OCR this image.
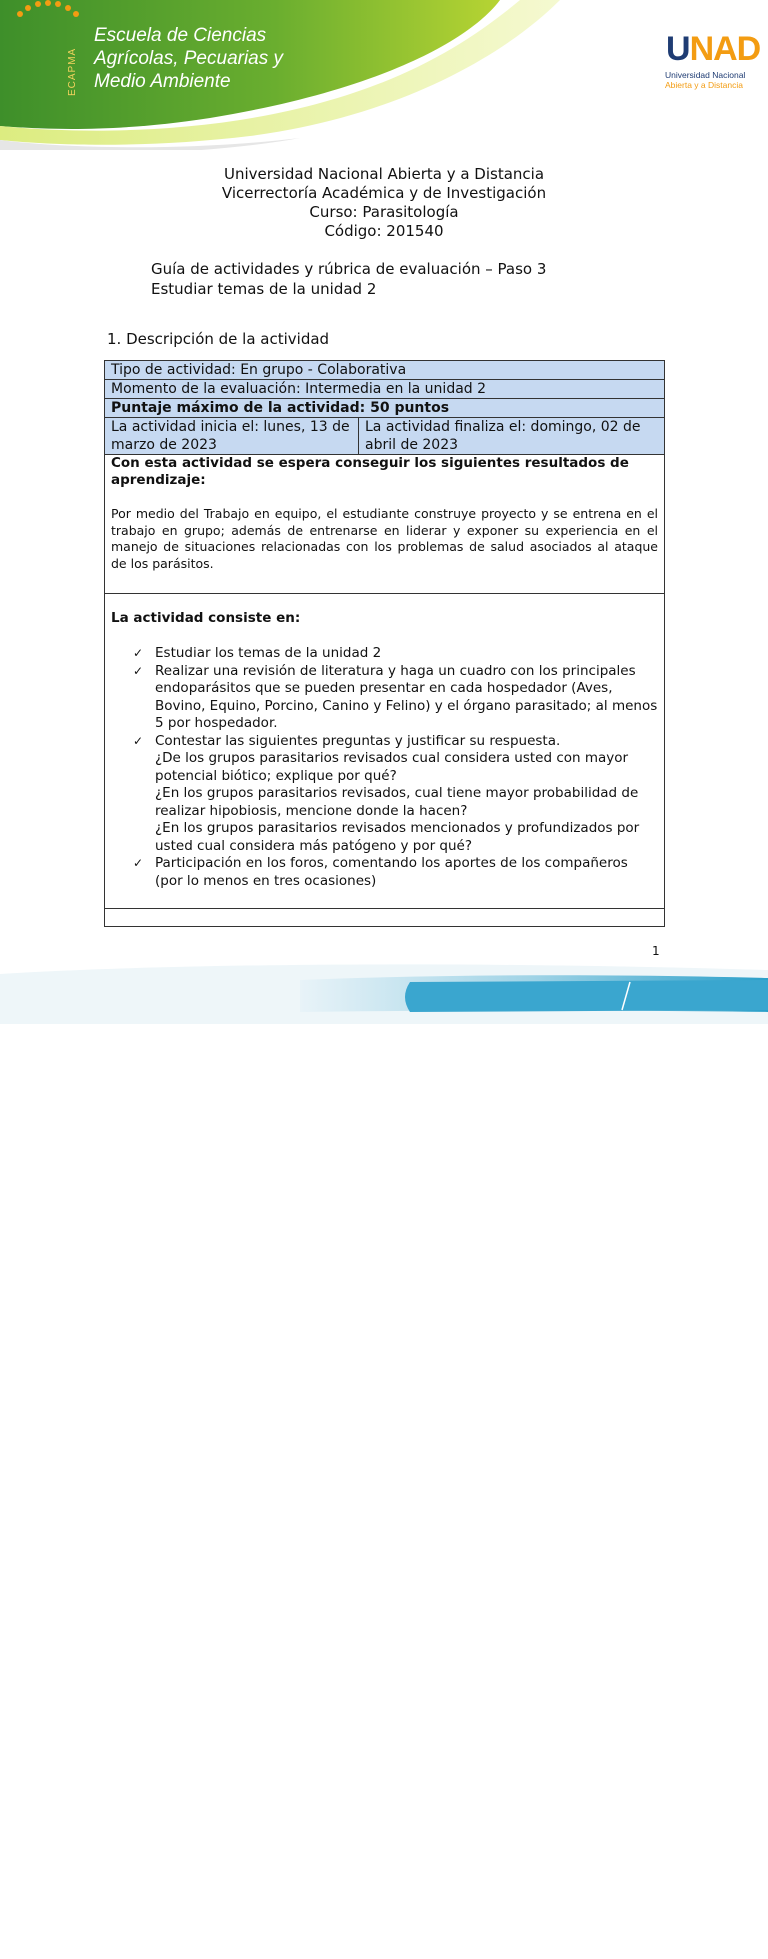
ECAPMA
Escuela de Ciencias
Agrícolas, Pecuarias y
Medio Ambiente
UNAD
Universidad Nacional
Abierta y a Distancia
Universidad Nacional Abierta y a Distancia
Vicerrectoría Académica y de Investigación
Curso: Parasitología
Código: 201540
Guía de actividades y rúbrica de evaluación – Paso 3
Estudiar temas de la unidad 2
1. Descripción de la actividad
Tipo de actividad: En grupo - Colaborativa
Momento de la evaluación: Intermedia en la unidad 2
Puntaje máximo de la actividad: 50 puntos
La actividad inicia el: lunes, 13 de marzo de 2023	La actividad finaliza el: domingo, 02 de abril de 2023

Con esta actividad se espera conseguir los siguientes resultados de aprendizaje:

Por medio del Trabajo en equipo, el estudiante construye proyecto y se entrena en el trabajo en grupo; además de entrenarse en liderar y exponer su experiencia en el manejo de situaciones relacionadas con los problemas de salud asociados al ataque de los parásitos.

La actividad consiste en:

✓ Estudiar los temas de la unidad 2
✓ Realizar una revisión de literatura y haga un cuadro con los principales endoparásitos que se pueden presentar en cada hospedador (Aves, Bovino, Equino, Porcino, Canino y Felino) y el órgano parasitado; al menos 5 por hospedador.
✓ Contestar las siguientes preguntas y justificar su respuesta.
¿De los grupos parasitarios revisados cual considera usted con mayor potencial biótico; explique por qué?
¿En los grupos parasitarios revisados, cual tiene mayor probabilidad de realizar hipobiosis, mencione donde la hacen?
¿En los grupos parasitarios revisados mencionados y profundizados por usted cual considera más patógeno y por qué?
✓ Participación en los foros, comentando los aportes de los compañeros (por lo menos en tres ocasiones)

1
Prohibida su reproducción y copia sin autorización de la UNAD.	UNAD © 2020 derechos reservados.
